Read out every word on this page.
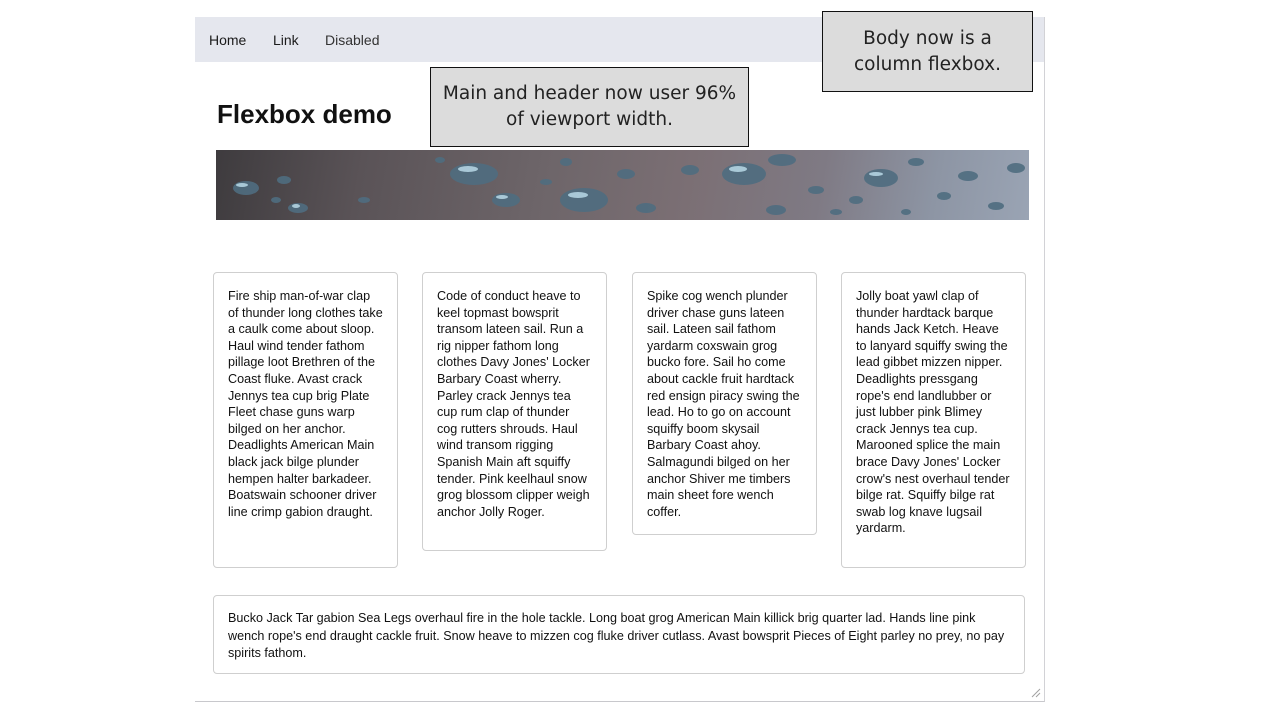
Home Link Disabled
Flexbox demo

Fire ship man-of-war clap of thunder long clothes take a caulk come about sloop. Haul wind tender fathom pillage loot Brethren of the Coast fluke. Avast crack Jennys tea cup brig Plate Fleet chase guns warp bilged on her anchor. Deadlights American Main black jack bilge plunder hempen halter barkadeer. Boatswain schooner driver line crimp gabion draught.

Code of conduct heave to keel topmast bowsprit transom lateen sail. Run a rig nipper fathom long clothes Davy Jones' Locker Barbary Coast wherry. Parley crack Jennys tea cup rum clap of thunder cog rutters shrouds. Haul wind transom rigging Spanish Main aft squiffy tender. Pink keelhaul snow grog blossom clipper weigh anchor Jolly Roger.

Spike cog wench plunder driver chase guns lateen sail. Lateen sail fathom yardarm coxswain grog bucko fore. Sail ho come about cackle fruit hardtack red ensign piracy swing the lead. Ho to go on account squiffy boom skysail Barbary Coast ahoy. Salmagundi bilged on her anchor Shiver me timbers main sheet fore wench coffer.

Jolly boat yawl clap of thunder hardtack barque hands Jack Ketch. Heave to lanyard squiffy swing the lead gibbet mizzen nipper. Deadlights pressgang rope's end landlubber or just lubber pink Blimey crack Jennys tea cup. Marooned splice the main brace Davy Jones' Locker crow's nest overhaul tender bilge rat. Squiffy bilge rat swab log knave lugsail yardarm.

Bucko Jack Tar gabion Sea Legs overhaul fire in the hole tackle. Long boat grog American Main killick brig quarter lad. Hands line pink wench rope's end draught cackle fruit. Snow heave to mizzen cog fluke driver cutlass. Avast bowsprit Pieces of Eight parley no prey, no pay spirits fathom.
Main and header now user 96% of viewport width.
Body now is a column flexbox.
